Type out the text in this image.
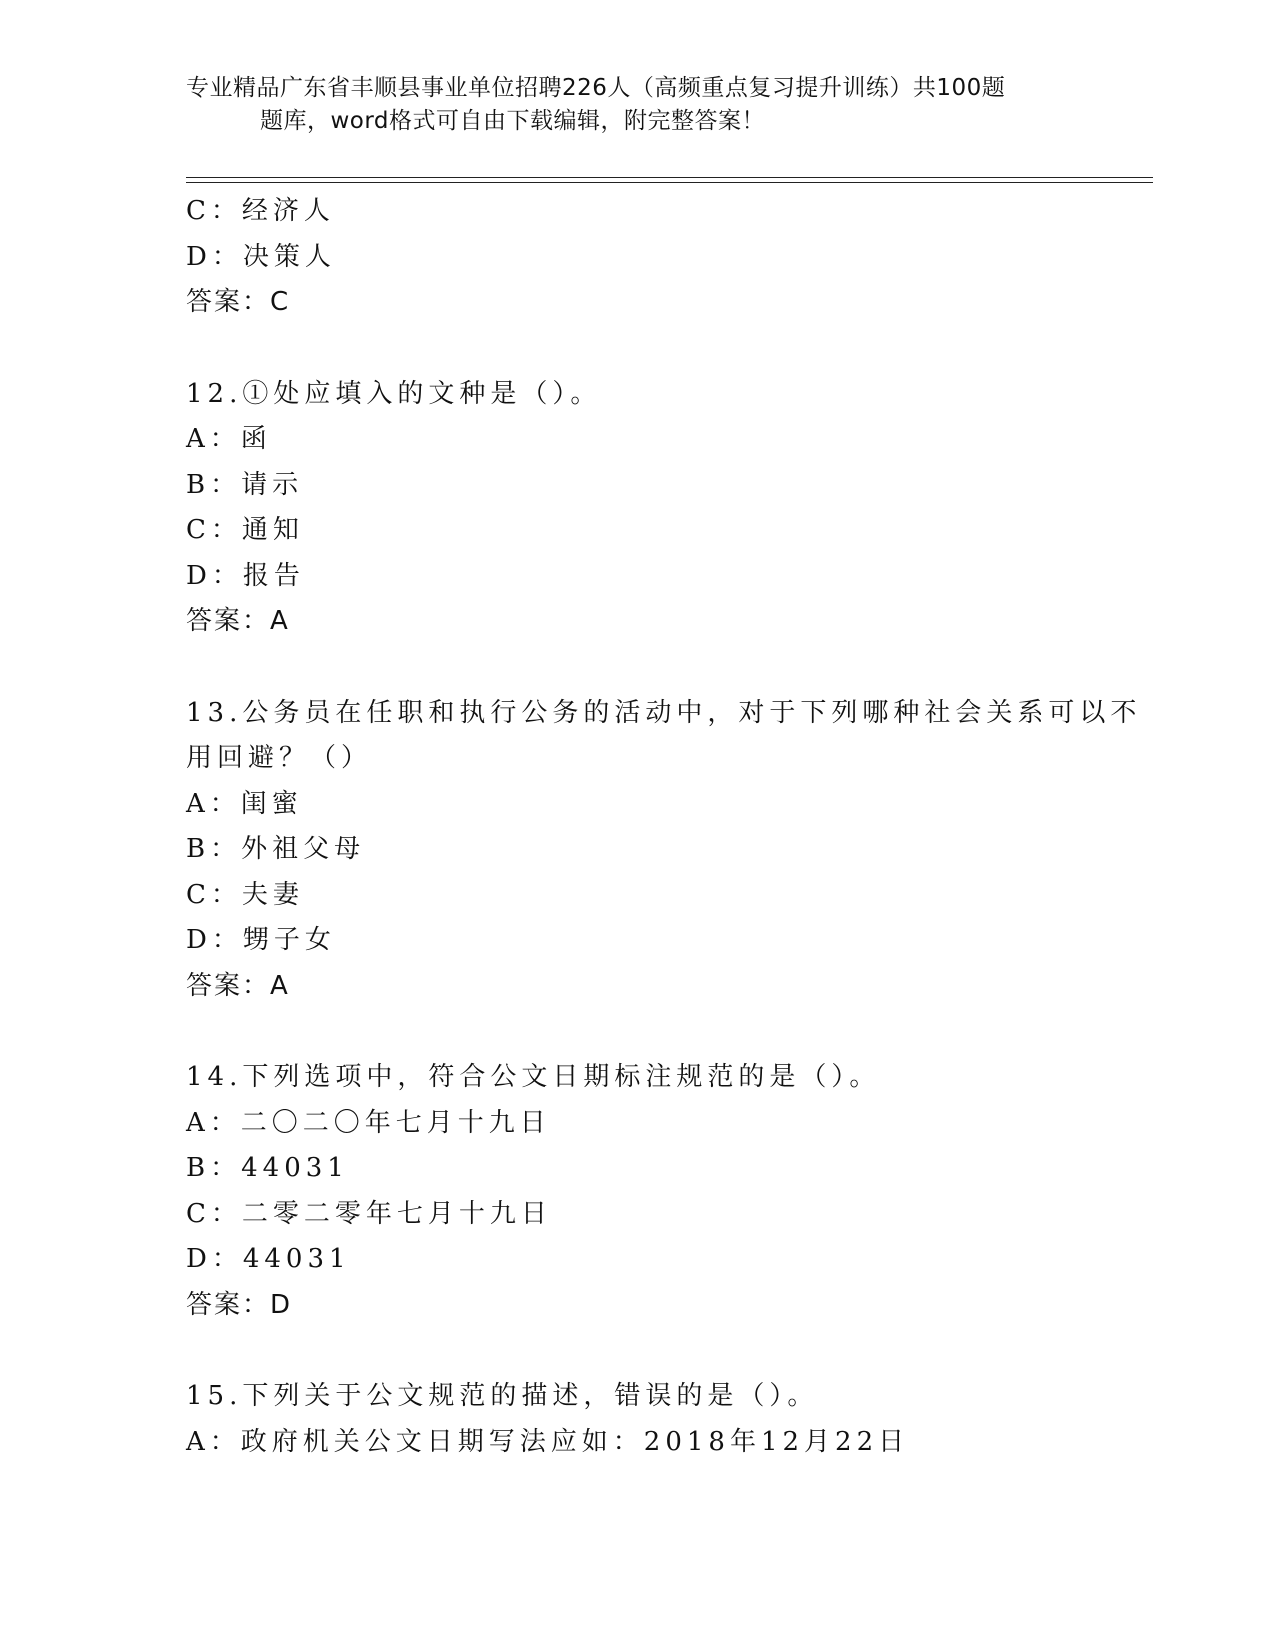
专业精品广东省丰顺县事业单位招聘226人（高频重点复习提升训练）共100题
题库，word格式可自由下载编辑，附完整答案！
C：经济人
D：决策人
答案：C
12.①处应填入的文种是（）。
A：函
B：请示
C：通知
D：报告
答案：A
13.公务员在任职和执行公务的活动中，对于下列哪种社会关系可以不
用回避？（）
A：闺蜜
B：外祖父母
C：夫妻
D：甥子女
答案：A
14.下列选项中，符合公文日期标注规范的是（）。
A：二〇二〇年七月十九日
B：44031
C：二零二零年七月十九日
D：44031
答案：D
15.下列关于公文规范的描述，错误的是（）。
A：政府机关公文日期写法应如：2018年12月22日
